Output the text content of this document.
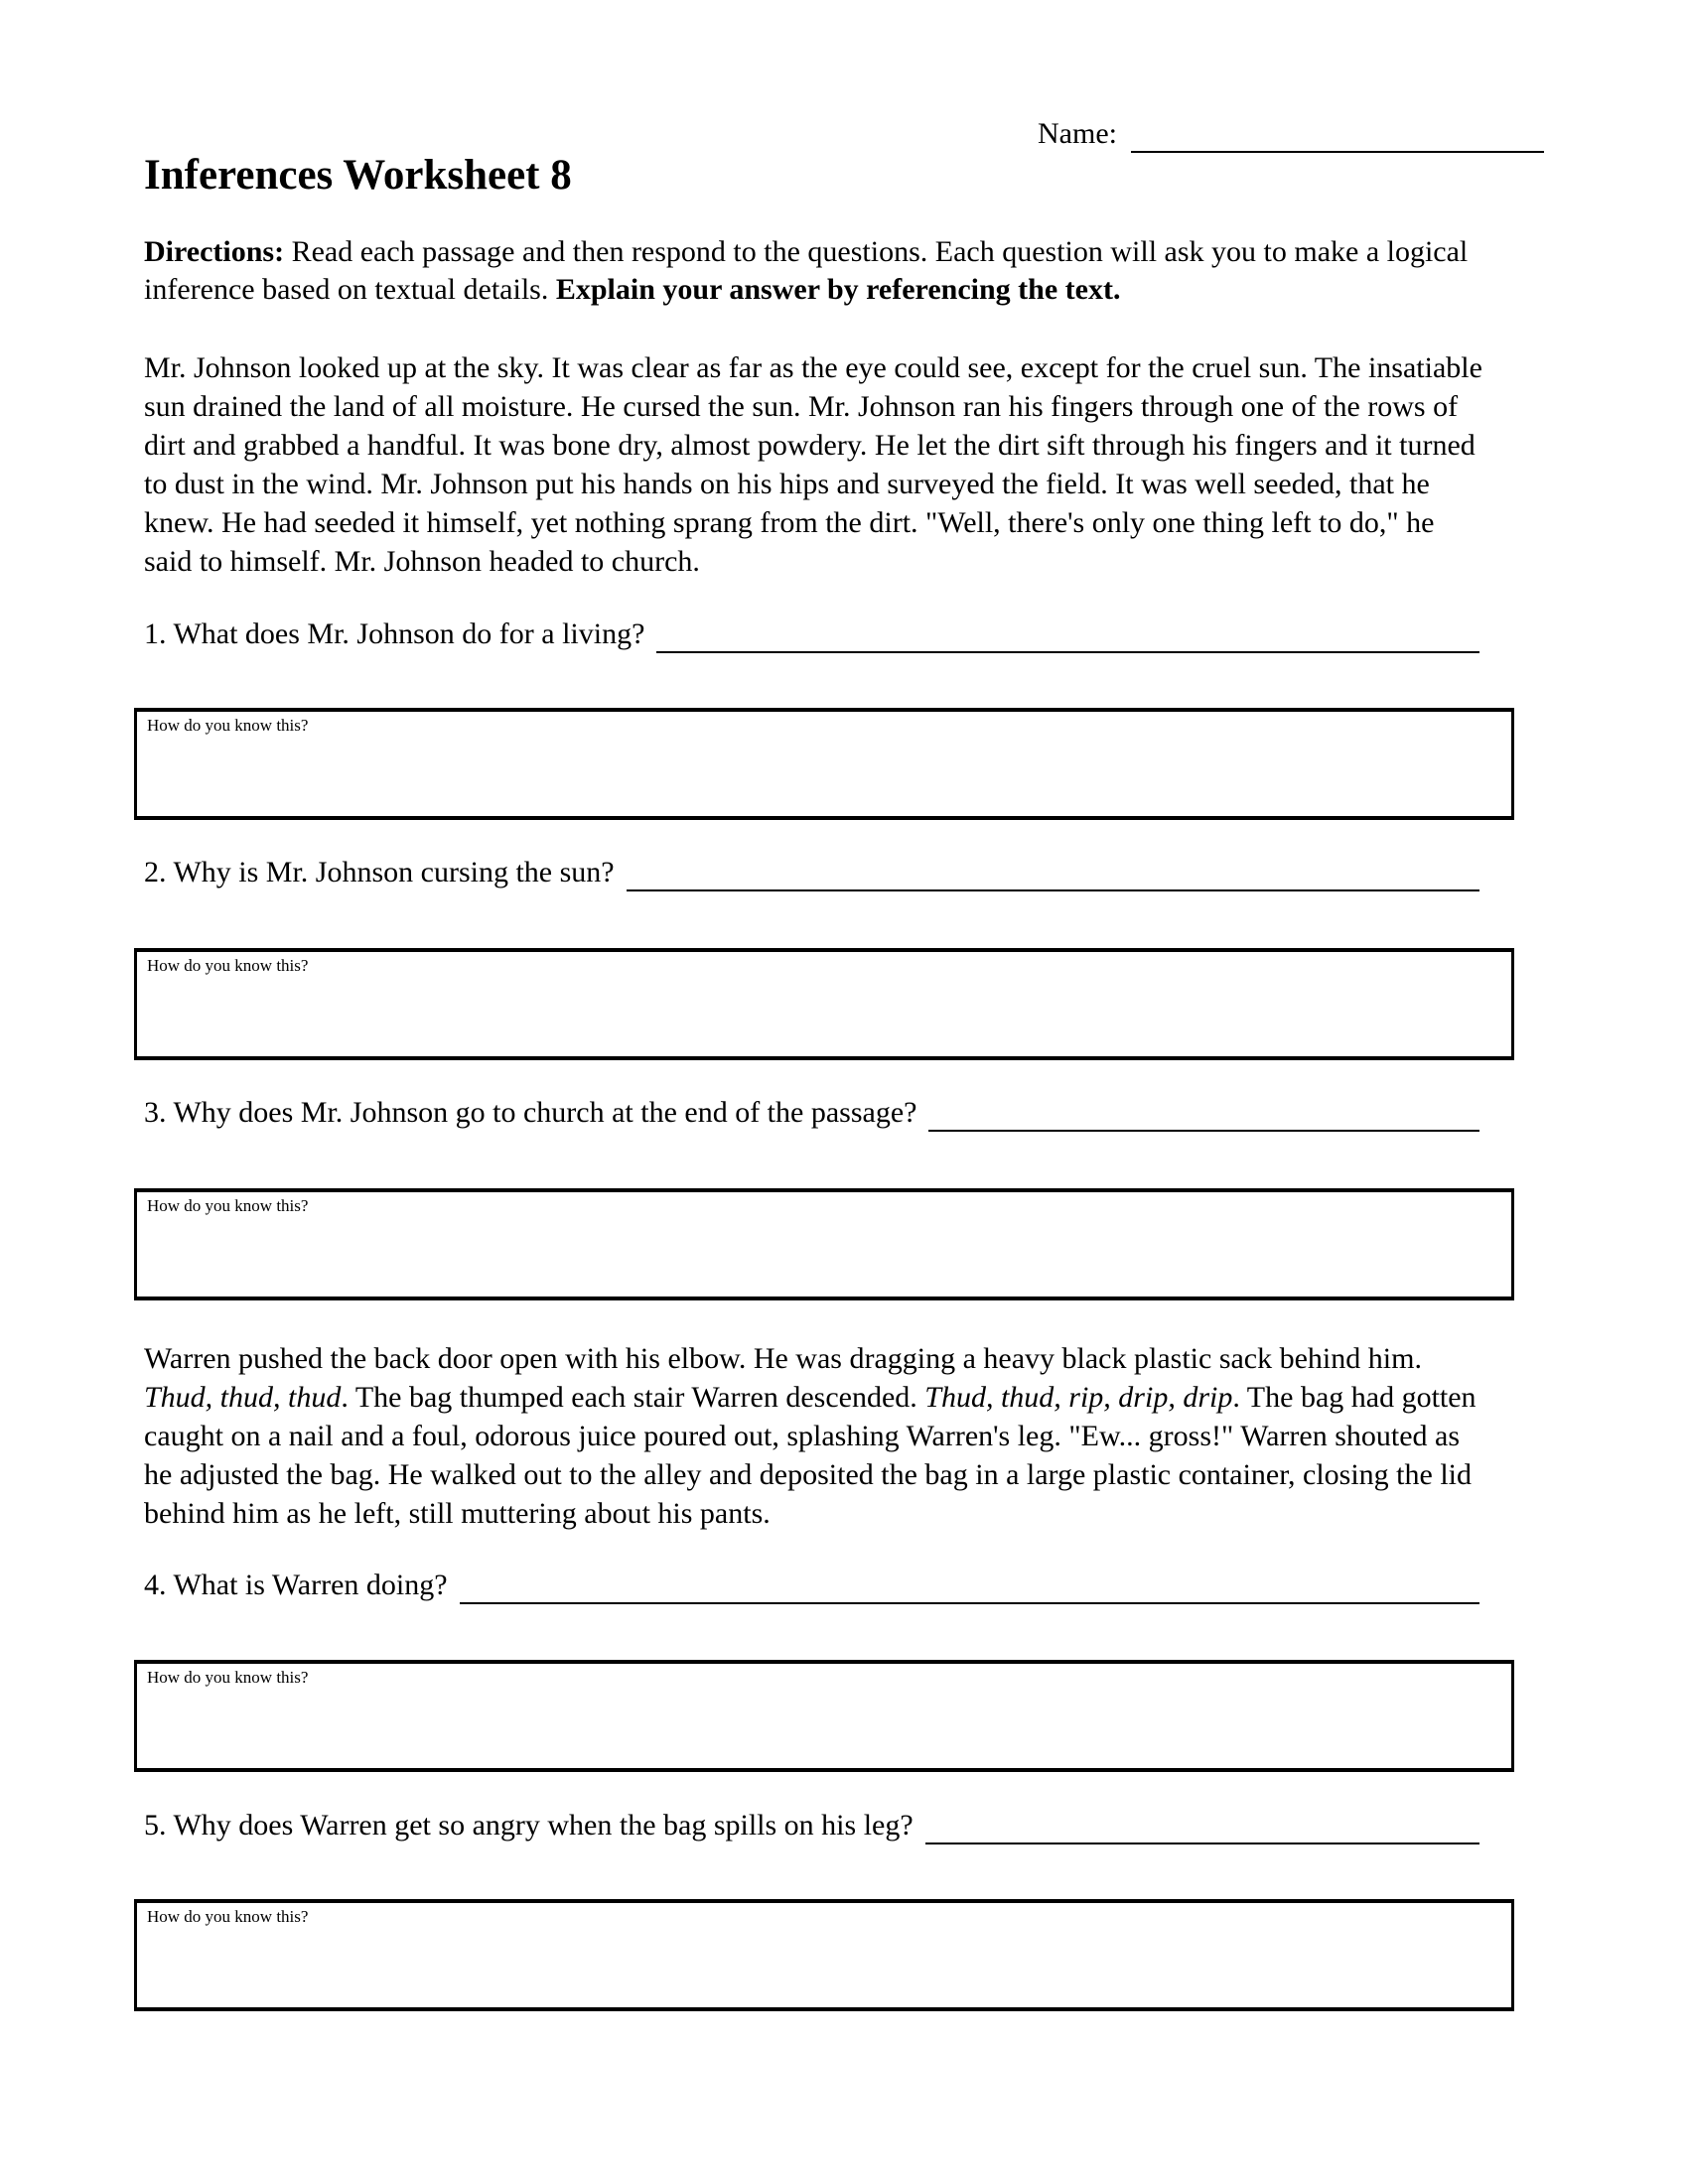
Name:
Inferences Worksheet 8
Directions: Read each passage and then respond to the questions. Each question will ask you to make a logical inference based on textual details. Explain your answer by referencing the text.
Mr. Johnson looked up at the sky. It was clear as far as the eye could see, except for the cruel sun. The insatiable sun drained the land of all moisture. He cursed the sun. Mr. Johnson ran his fingers through one of the rows of dirt and grabbed a handful. It was bone dry, almost powdery. He let the dirt sift through his fingers and it turned to dust in the wind. Mr. Johnson put his hands on his hips and surveyed the field. It was well seeded, that he knew. He had seeded it himself, yet nothing sprang from the dirt. "Well, there's only one thing left to do," he said to himself. Mr. Johnson headed to church.
1. What does Mr. Johnson do for a living?
How do you know this?
2. Why is Mr. Johnson cursing the sun?
How do you know this?
3. Why does Mr. Johnson go to church at the end of the passage?
How do you know this?
Warren pushed the back door open with his elbow. He was dragging a heavy black plastic sack behind him. Thud, thud, thud. The bag thumped each stair Warren descended. Thud, thud, rip, drip, drip. The bag had gotten caught on a nail and a foul, odorous juice poured out, splashing Warren's leg. "Ew... gross!" Warren shouted as he adjusted the bag. He walked out to the alley and deposited the bag in a large plastic container, closing the lid behind him as he left, still muttering about his pants.
4. What is Warren doing?
How do you know this?
5. Why does Warren get so angry when the bag spills on his leg?
How do you know this?
